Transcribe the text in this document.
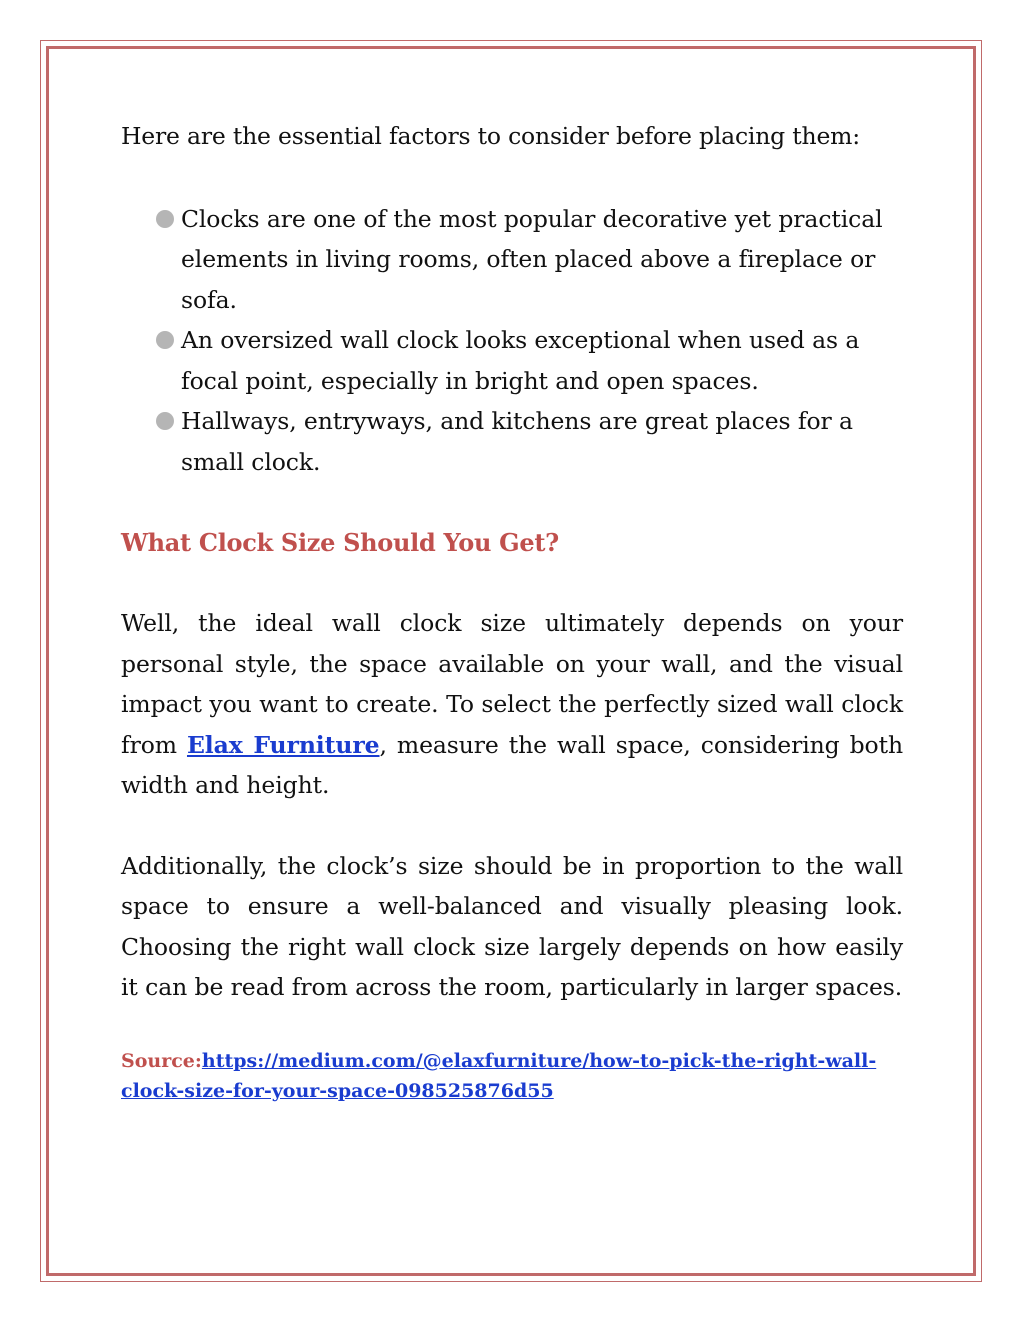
Here are the essential factors to consider before placing them:

Clocks are one of the most popular decorative yet practical elements in living rooms, often placed above a fireplace or sofa.
An oversized wall clock looks exceptional when used as a focal point, especially in bright and open spaces.
Hallways, entryways, and kitchens are great places for a small clock.
What Clock Size Should You Get?

Well, the ideal wall clock size ultimately depends on your personal style, the space available on your wall, and the visual impact you want to create. To select the perfectly sized wall clock from Elax Furniture, measure the wall space, considering both width and height.

Additionally, the clock’s size should be in proportion to the wall space to ensure a well-balanced and visually pleasing look. Choosing the right wall clock size largely depends on how easily it can be read from across the room, particularly in larger spaces.

Source:https://medium.com/@elaxfurniture/how-to-pick-the-right-wall-clock-size-for-your-space-098525876d55
